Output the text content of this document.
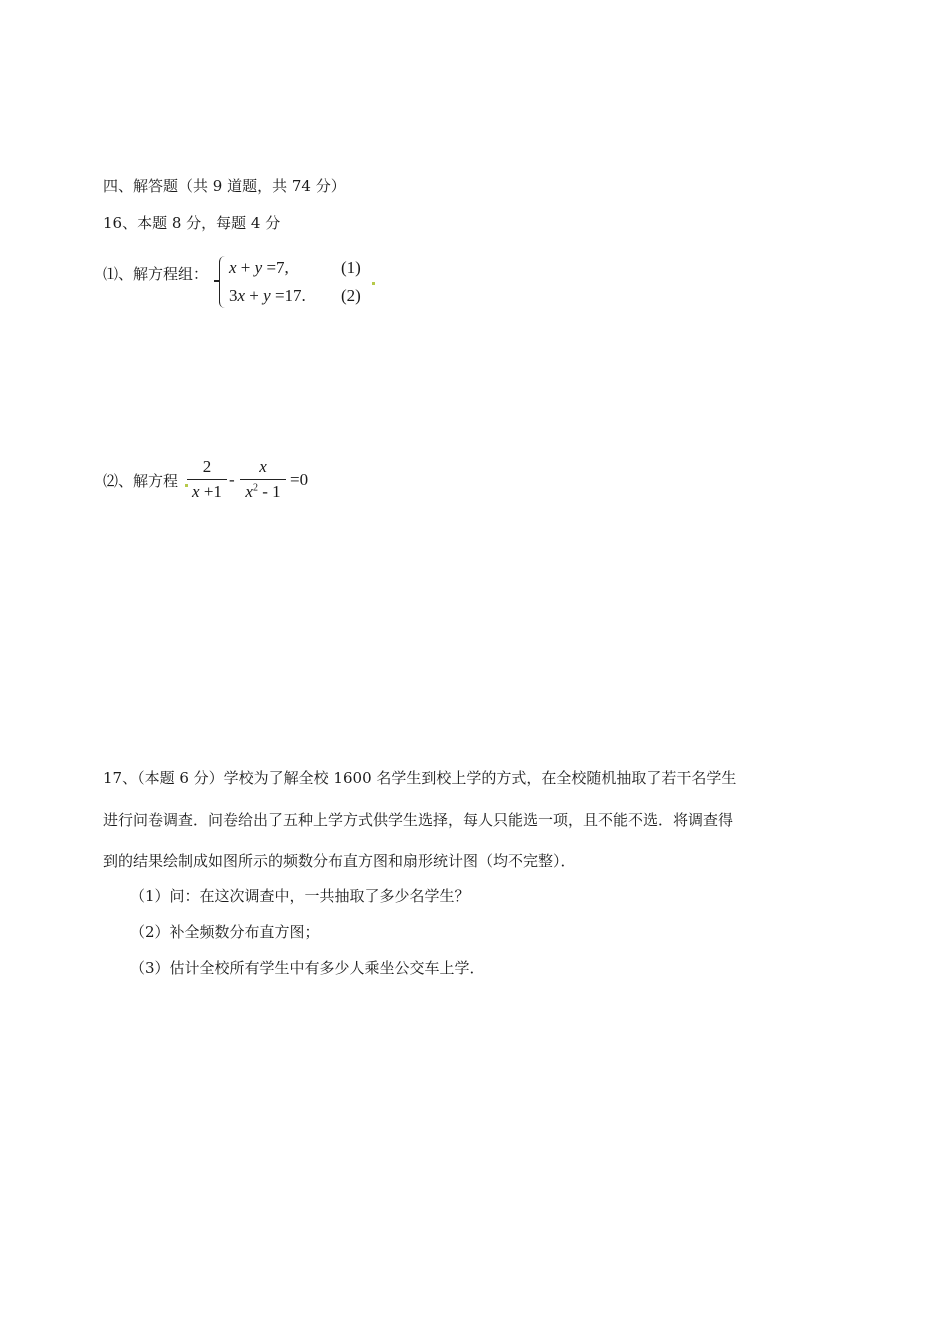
四、解答题（共 9 道题，共 74 分）
16、本题 8 分，每题 4 分
⑴、解方程组： x + y =7,	(1)
3x + y =17. (2)
⑵、解方程
2
x +1
-
x
$x^2 - 1$
=0
17、（本题 6 分）学校为了解全校 1600 名学生到校上学的方式，在全校随机抽取了若干名学生
进行问卷调查．问卷给出了五种上学方式供学生选择，每人只能选一项，且不能不选．将调查得
到的结果绘制成如图所示的频数分布直方图和扇形统计图（均不完整）．
（1）问：在这次调查中，一共抽取了多少名学生？
（2）补全频数分布直方图；
（3）估计全校所有学生中有多少人乘坐公交车上学．
